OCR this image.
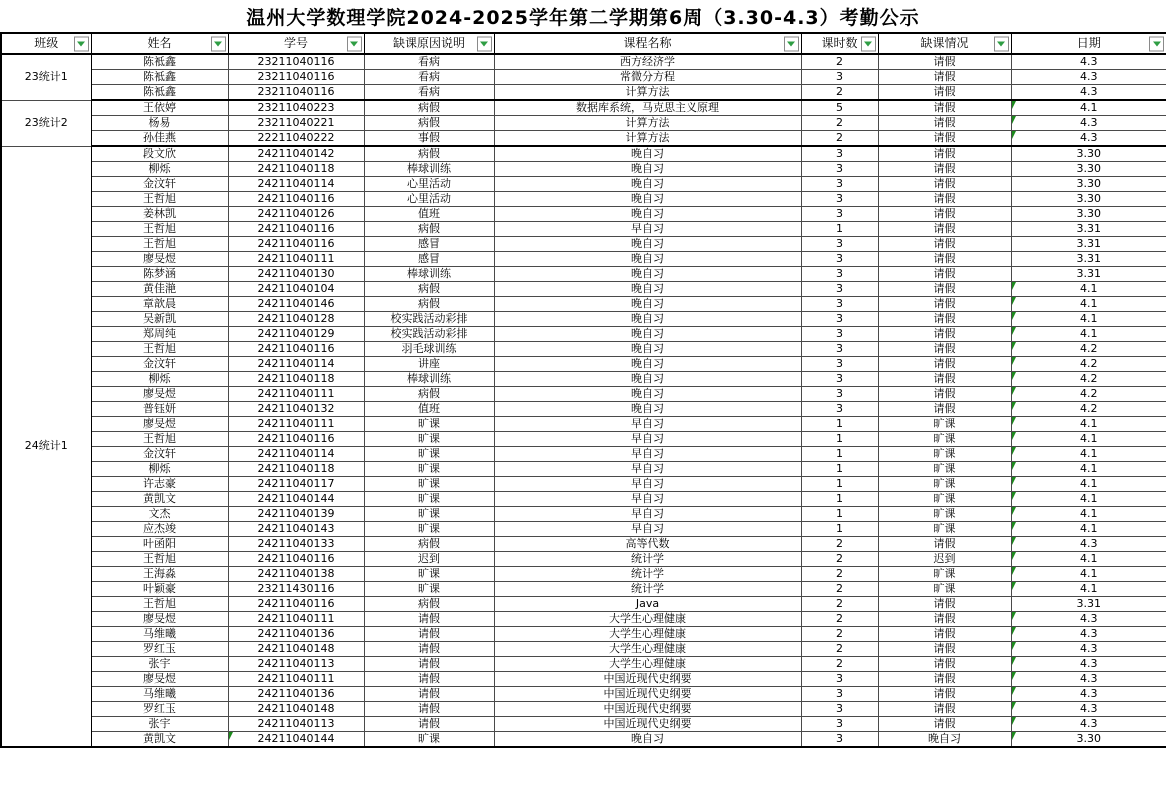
温州大学数理学院2024-2025学年第二学期第6周（3.30-4.3）考勤公示
班级	姓名	学号	缺课原因说明	课程名称	课时数	缺课情况	日期

23统计1	陈袛鑫	23211040116	看病	西方经济学	2	请假	4.3
	陈袛鑫	23211040116	看病	常微分方程	3	请假	4.3
	陈袛鑫	23211040116	看病	计算方法	2	请假	4.3
23统计2	王依婷	23211040223	病假	数据库系统，马克思主义原理	5	请假	4.1

	杨易	23211040221	病假	计算方法	2	请假	4.3

	孙佳燕	22211040222	事假	计算方法	2	请假	4.3

24统计1	段文欣	24211040142	病假	晚自习	3	请假	3.30
	柳烁	24211040118	棒球训练	晚自习	3	请假	3.30
	金汶轩	24211040114	心里活动	晚自习	3	请假	3.30
	王哲旭	24211040116	心里活动	晚自习	3	请假	3.30
	姜林凯	24211040126	值班	晚自习	3	请假	3.30
	王哲旭	24211040116	病假	早自习	1	请假	3.31
	王哲旭	24211040116	感冒	晚自习	3	请假	3.31
	廖旻煜	24211040111	感冒	晚自习	3	请假	3.31
	陈梦涵	24211040130	棒球训练	晚自习	3	请假	3.31
	黄佳滟	24211040104	病假	晚自习	3	请假	4.1

	章歆晨	24211040146	病假	晚自习	3	请假	4.1

	吴新凯	24211040128	校实践活动彩排	晚自习	3	请假	4.1

	郑周纯	24211040129	校实践活动彩排	晚自习	3	请假	4.1

	王哲旭	24211040116	羽毛球训练	晚自习	3	请假	4.2

	金汶轩	24211040114	讲座	晚自习	3	请假	4.2

	柳烁	24211040118	棒球训练	晚自习	3	请假	4.2

	廖旻煜	24211040111	病假	晚自习	3	请假	4.2

	普钰妍	24211040132	值班	晚自习	3	请假	4.2

	廖旻煜	24211040111	旷课	早自习	1	旷课	4.1

	王哲旭	24211040116	旷课	早自习	1	旷课	4.1

	金汶轩	24211040114	旷课	早自习	1	旷课	4.1

	柳烁	24211040118	旷课	早自习	1	旷课	4.1

	许志豪	24211040117	旷课	早自习	1	旷课	4.1

	黄凯文	24211040144	旷课	早自习	1	旷课	4.1

	文杰	24211040139	旷课	早自习	1	旷课	4.1

	应杰竣	24211040143	旷课	早自习	1	旷课	4.1

	叶函阳	24211040133	病假	高等代数	2	请假	4.3

	王哲旭	24211040116	迟到	统计学	2	迟到	4.1

	王海淼	24211040138	旷课	统计学	2	旷课	4.1

	叶颖豪	23211430116	旷课	统计学	2	旷课	4.1

	王哲旭	24211040116	病假	Java	2	请假	3.31
	廖旻煜	24211040111	请假	大学生心理健康	2	请假	4.3

	马维曦	24211040136	请假	大学生心理健康	2	请假	4.3

	罗红玉	24211040148	请假	大学生心理健康	2	请假	4.3

	张宇	24211040113	请假	大学生心理健康	2	请假	4.3

	廖旻煜	24211040111	请假	中国近现代史纲要	3	请假	4.3

	马维曦	24211040136	请假	中国近现代史纲要	3	请假	4.3

	罗红玉	24211040148	请假	中国近现代史纲要	3	请假	4.3

	张宇	24211040113	请假	中国近现代史纲要	3	请假	4.3

	黄凯文	24211040144	旷课	晚自习	3	晚自习	3.30
